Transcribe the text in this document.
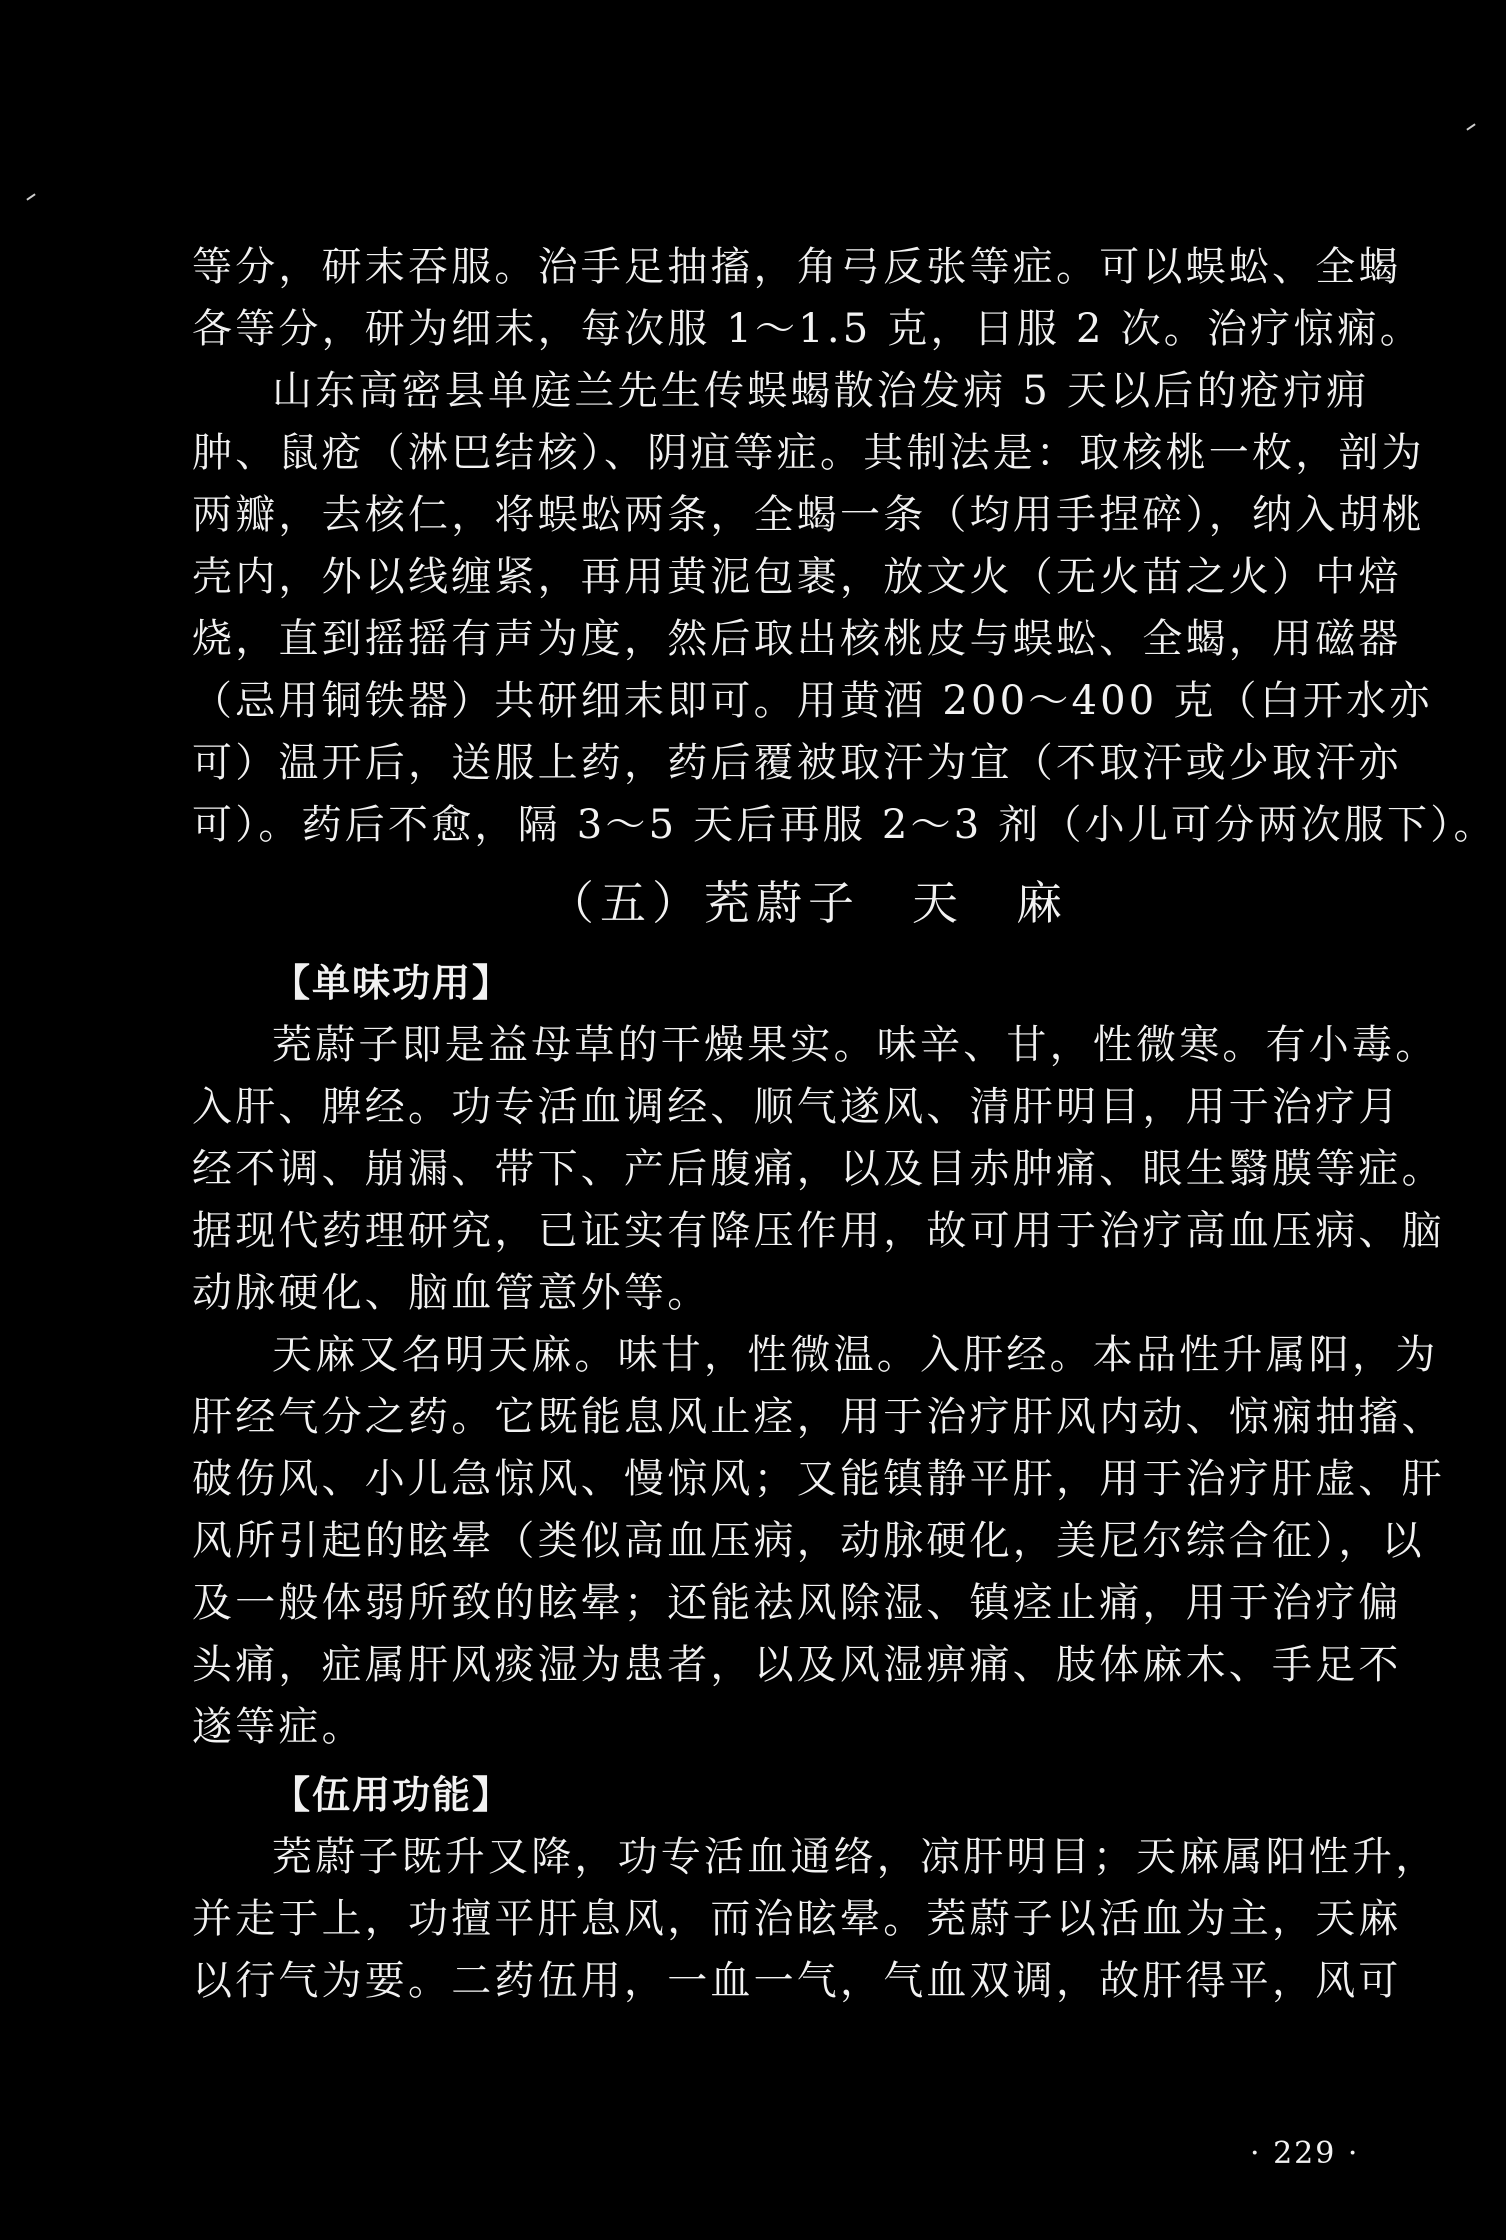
等分，研末吞服。治手足抽搐，角弓反张等症。可以蜈蚣、全蝎
各等分，研为细末，每次服 1～1.5 克，日服 2 次。治疗惊痫。
山东高密县单庭兰先生传蜈蝎散治发病 5 天以后的疮疖痈
肿、鼠疮（淋巴结核）、阴疽等症。其制法是：取核桃一枚，剖为
两瓣，去核仁，将蜈蚣两条，全蝎一条（均用手捏碎），纳入胡桃
壳内，外以线缠紧，再用黄泥包裹，放文火（无火苗之火）中焙
烧，直到摇摇有声为度，然后取出核桃皮与蜈蚣、全蝎，用磁器
（忌用铜铁器）共研细末即可。用黄酒 200～400 克（白开水亦
可）温开后，送服上药，药后覆被取汗为宜（不取汗或少取汗亦
可）。药后不愈，隔 3～5 天后再服 2～3 剂（小儿可分两次服下）。
（五）茺蔚子 天 麻
【单味功用】
茺蔚子即是益母草的干燥果实。味辛、甘，性微寒。有小毒。
入肝、脾经。功专活血调经、顺气遂风、清肝明目，用于治疗月
经不调、崩漏、带下、产后腹痛，以及目赤肿痛、眼生翳膜等症。
据现代药理研究，已证实有降压作用，故可用于治疗高血压病、脑
动脉硬化、脑血管意外等。
天麻又名明天麻。味甘，性微温。入肝经。本品性升属阳，为
肝经气分之药。它既能息风止痉，用于治疗肝风内动、惊痫抽搐、
破伤风、小儿急惊风、慢惊风；又能镇静平肝，用于治疗肝虚、肝
风所引起的眩晕（类似高血压病，动脉硬化，美尼尔综合征），以
及一般体弱所致的眩晕；还能祛风除湿、镇痉止痛，用于治疗偏
头痛，症属肝风痰湿为患者，以及风湿痹痛、肢体麻木、手足不
遂等症。
【伍用功能】
茺蔚子既升又降，功专活血通络，凉肝明目；天麻属阳性升，
并走于上，功擅平肝息风，而治眩晕。茺蔚子以活血为主，天麻
以行气为要。二药伍用，一血一气，气血双调，故肝得平，风可
· 229 ·
